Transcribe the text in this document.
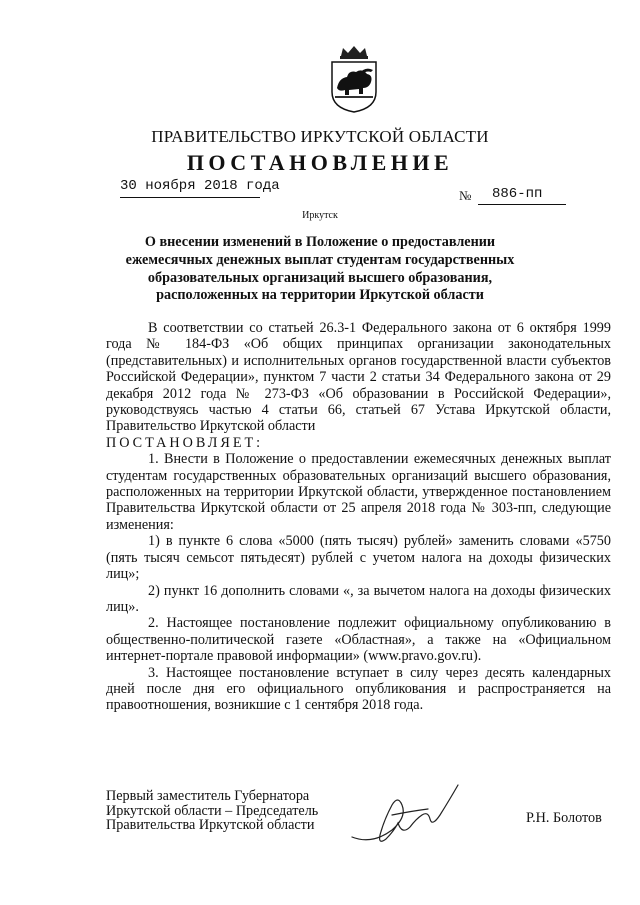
ПРАВИТЕЛЬСТВО ИРКУТСКОЙ ОБЛАСТИ
ПОСТАНОВЛЕНИЕ
30 ноября 2018 года
№ 886-пп
Иркутск
О внесении изменений в Положение о предоставлении ежемесячных денежных выплат студентам государственных образовательных организаций высшего образования, расположенных на территории Иркутской области

В соответствии со статьей 26.3-1 Федерального закона от 6 октября 1999 года № 184-ФЗ «Об общих принципах организации законодательных (представительных) и исполнительных органов государственной власти субъектов Российской Федерации», пунктом 7 части 2 статьи 34 Федерального закона от 29 декабря 2012 года № 273-ФЗ «Об образовании в Российской Федерации», руководствуясь частью 4 статьи 66, статьей 67 Устава Иркутской области, Правительство Иркутской области

ПОСТАНОВЛЯЕТ:

1. Внести в Положение о предоставлении ежемесячных денежных выплат студентам государственных образовательных организаций высшего образования, расположенных на территории Иркутской области, утвержденное постановлением Правительства Иркутской области от 25 апреля 2018 года № 303-пп, следующие изменения:

1) в пункте 6 слова «5000 (пять тысяч) рублей» заменить словами «5750 (пять тысяч семьсот пятьдесят) рублей с учетом налога на доходы физических лиц»;

2) пункт 16 дополнить словами «, за вычетом налога на доходы физических лиц».

2. Настоящее постановление подлежит официальному опубликованию в общественно-политической газете «Областная», а также на «Официальном интернет-портале правовой информации» (www.pravo.gov.ru).

3. Настоящее постановление вступает в силу через десять календарных дней после дня его официального опубликования и распространяется на правоотношения, возникшие с 1 сентября 2018 года.

Первый заместитель Губернатора
Иркутской области – Председатель
Правительства Иркутской области	Р.Н. Болотов
